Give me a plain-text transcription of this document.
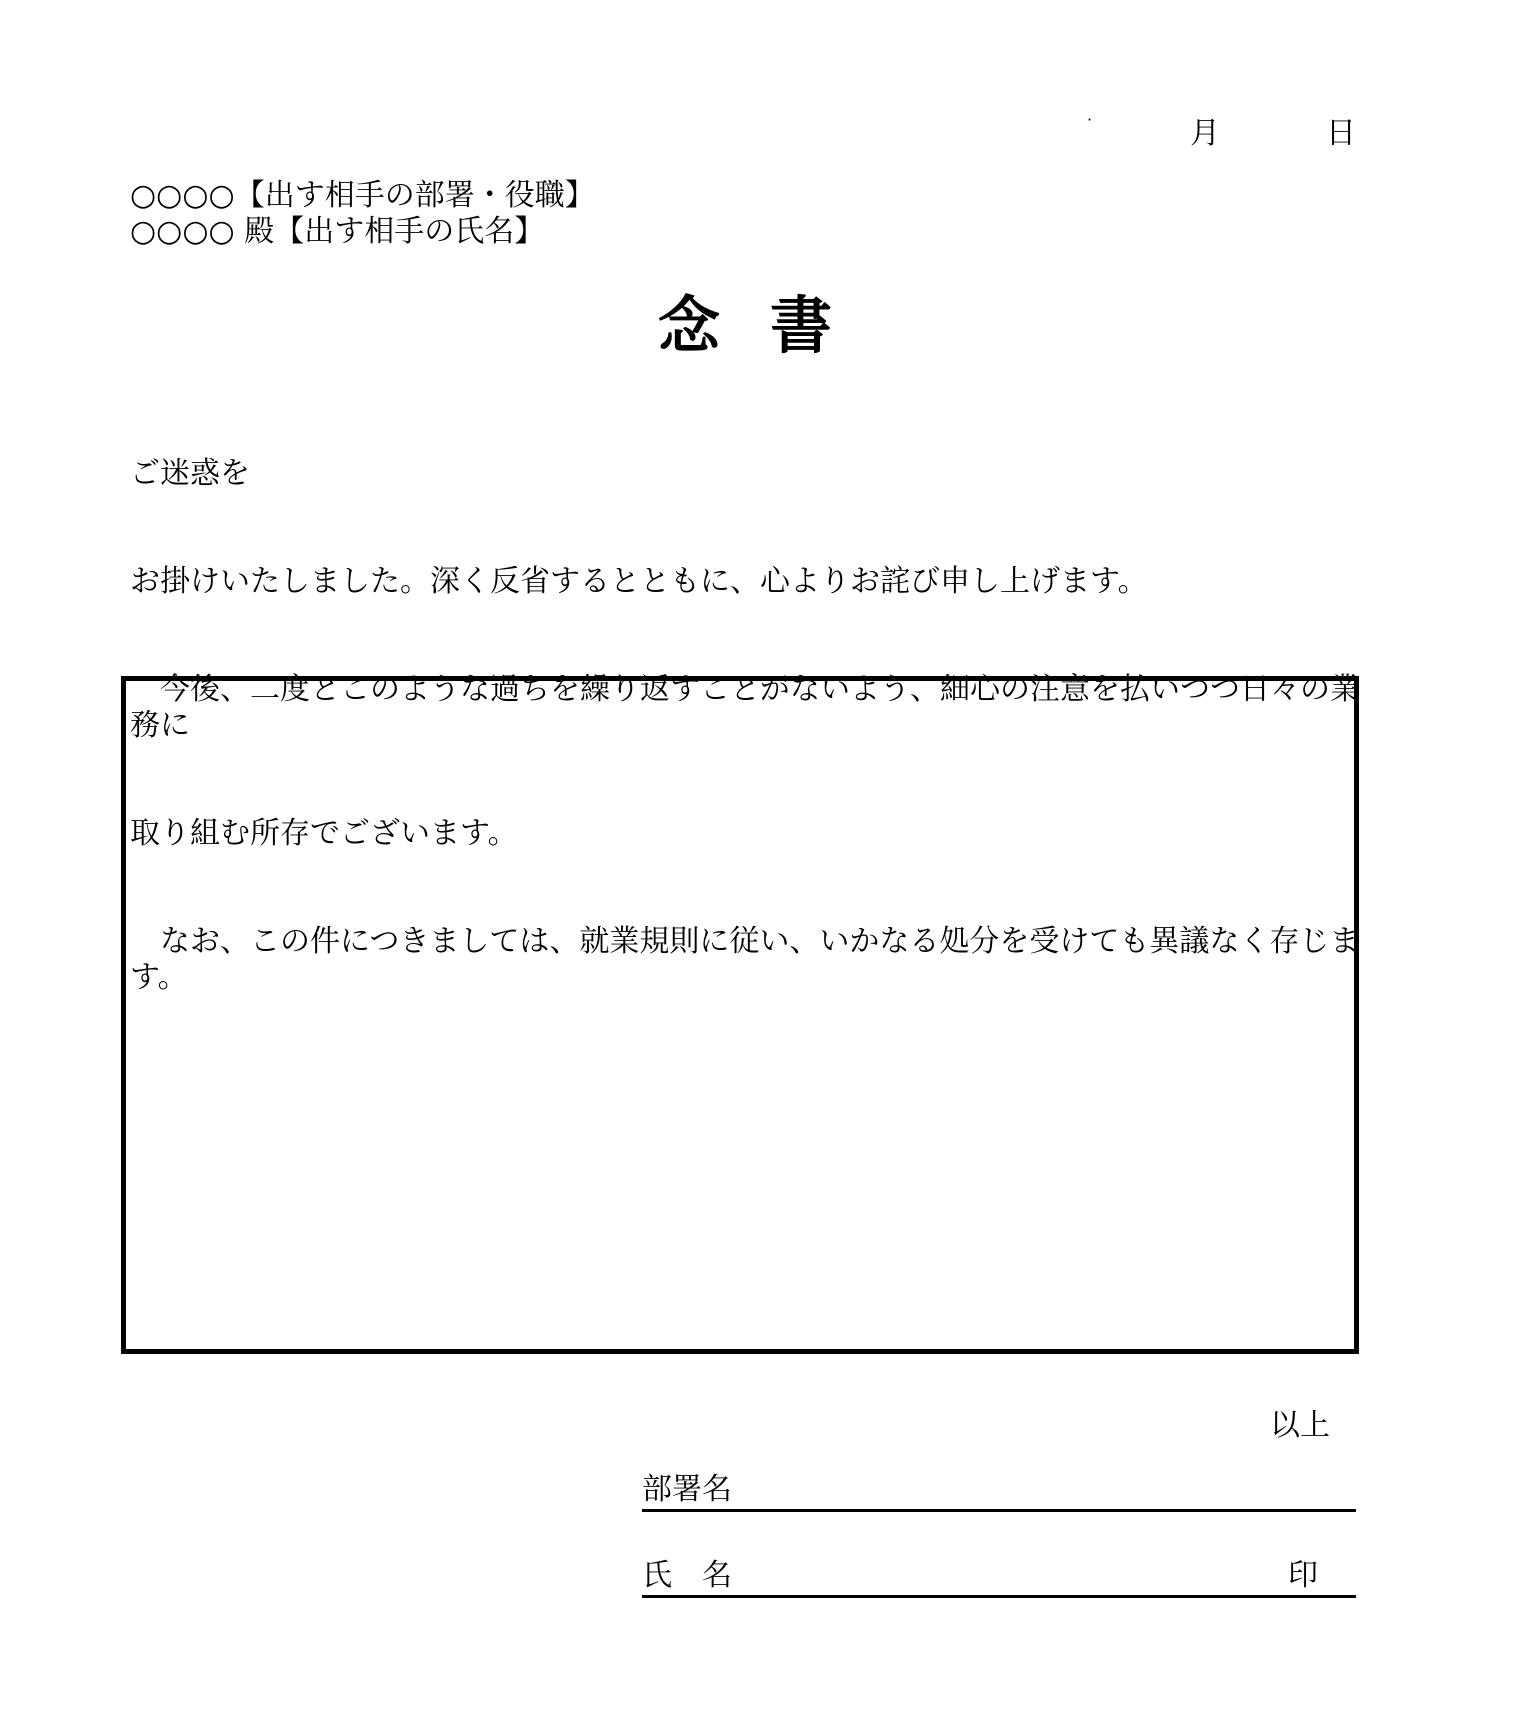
·	月	日
○○○○【出す相手の部署・役職】
○○○○ 殿【出す相手の氏名】
念書

ご迷惑を

お掛けいたしました。深く反省するとともに、心よりお詫び申し上げます。

　今後、二度とこのような過ちを繰り返すことがないよう、細心の注意を払いつつ日々の業務に

取り組む所存でございます。

　なお、この件につきましては、就業規則に従い、いかなる処分を受けても異議なく存じます。

以上
部署名
氏　名	印
